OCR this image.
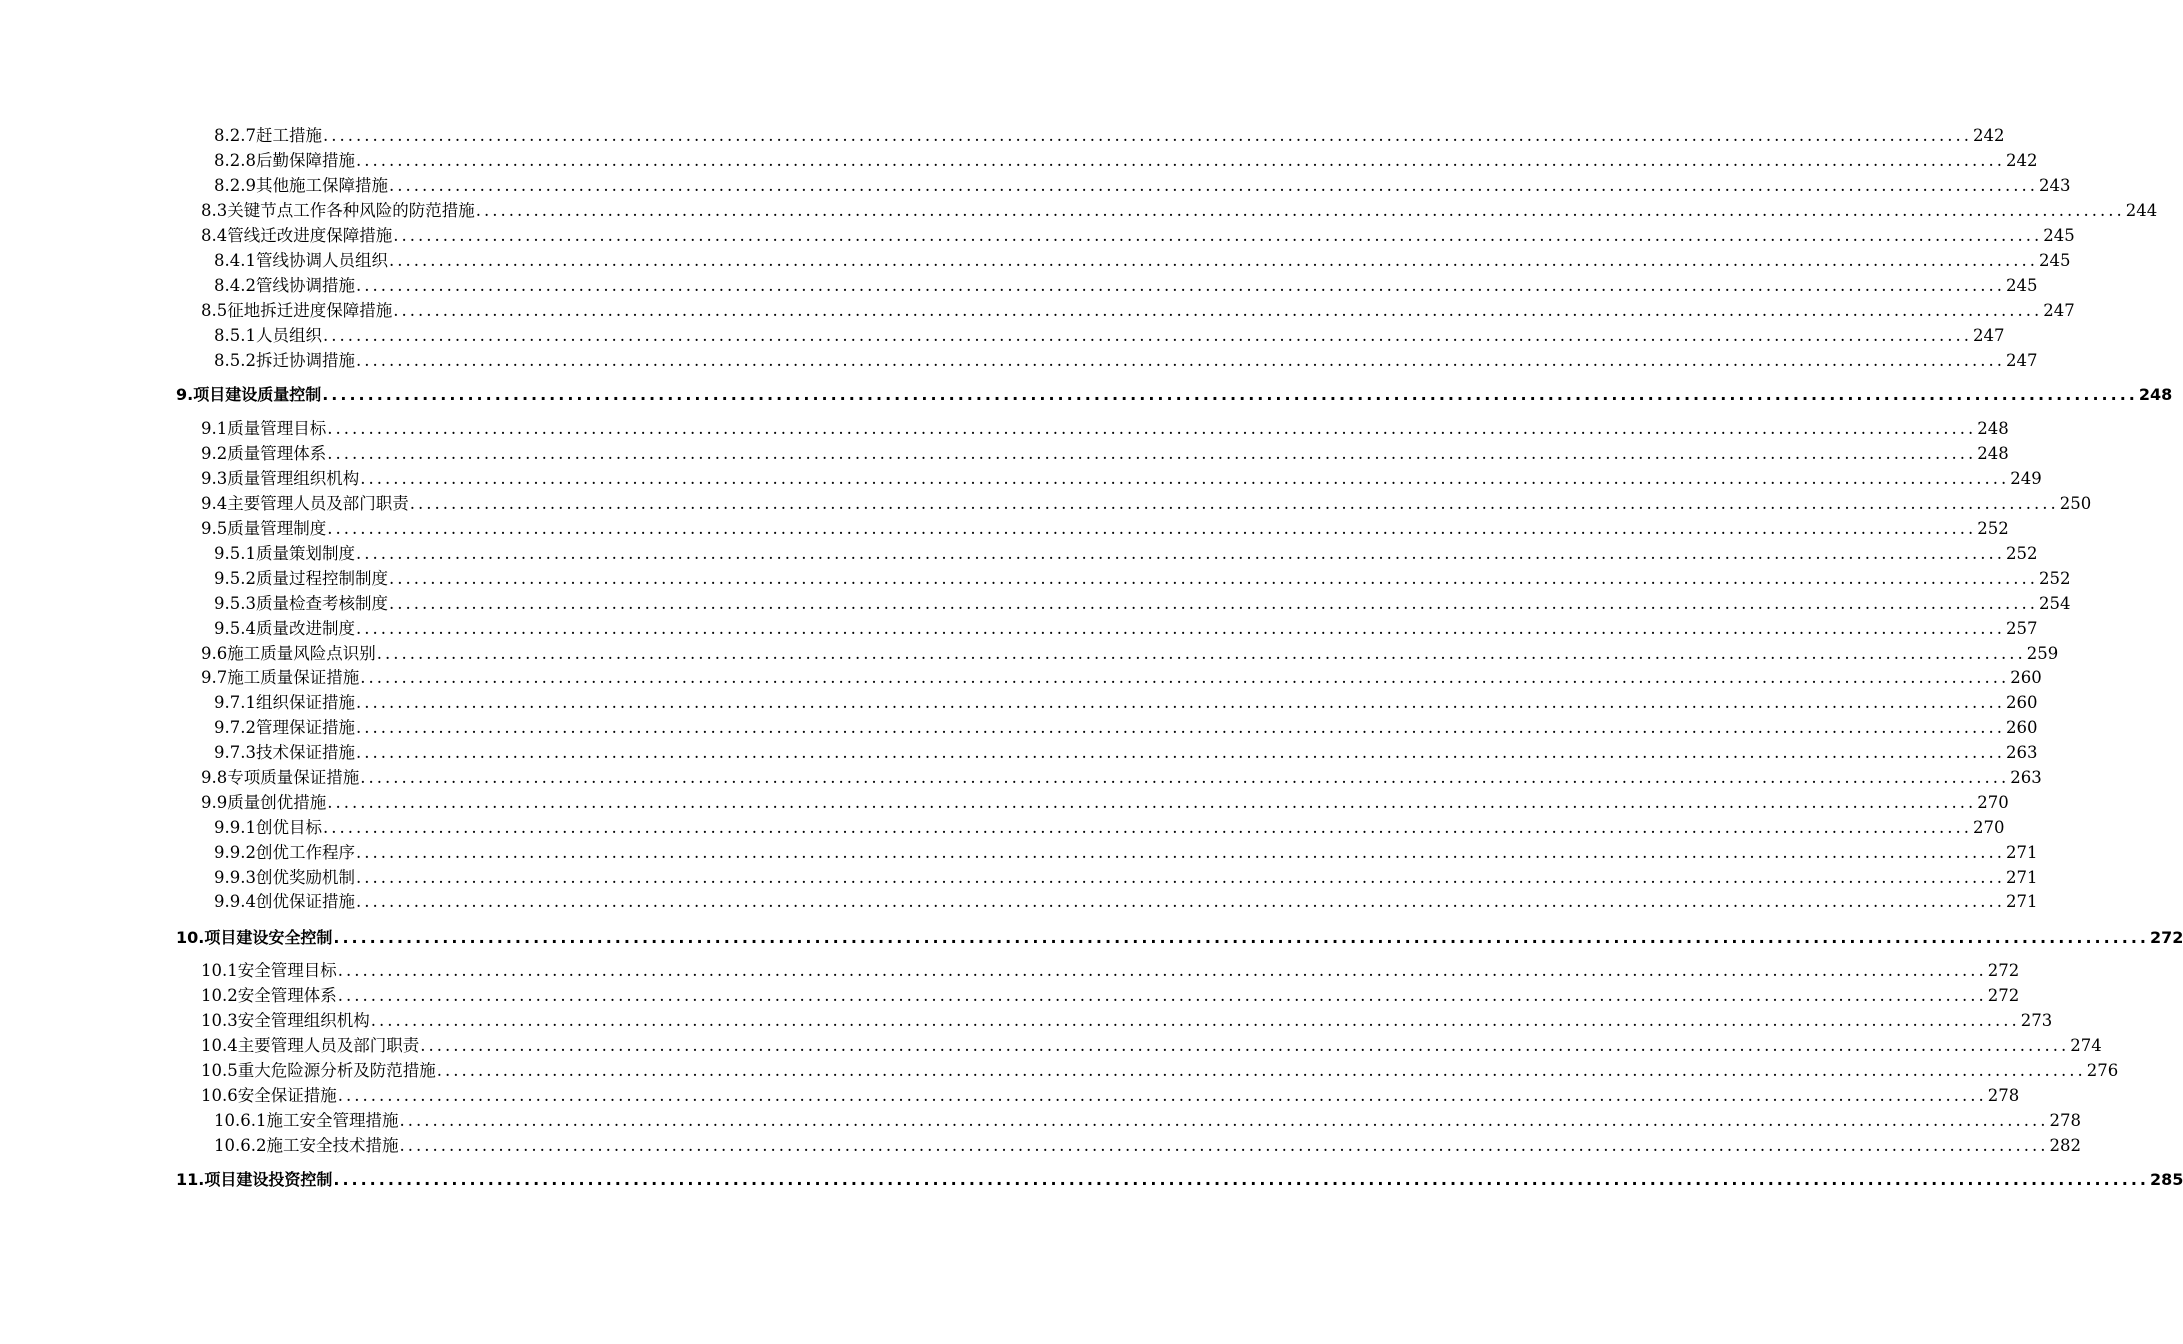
8.2.7赶工措施 ........................................................................................................................................................................................................ 242
8.2.8后勤保障措施 ........................................................................................................................................................................................................ 242
8.2.9其他施工保障措施 ........................................................................................................................................................................................................ 243
8.3关键节点工作各种风险的防范措施 ........................................................................................................................................................................................................ 244
8.4管线迁改进度保障措施 ........................................................................................................................................................................................................ 245
8.4.1管线协调人员组织 ........................................................................................................................................................................................................ 245
8.4.2管线协调措施 ........................................................................................................................................................................................................ 245
8.5征地拆迁进度保障措施 ........................................................................................................................................................................................................ 247
8.5.1人员组织 ........................................................................................................................................................................................................ 247
8.5.2拆迁协调措施 ........................................................................................................................................................................................................ 247
9.项目建设质量控制 ........................................................................................................................................................................................................ 248
9.1质量管理目标 ........................................................................................................................................................................................................ 248
9.2质量管理体系 ........................................................................................................................................................................................................ 248
9.3质量管理组织机构 ........................................................................................................................................................................................................ 249
9.4主要管理人员及部门职责 ........................................................................................................................................................................................................ 250
9.5质量管理制度 ........................................................................................................................................................................................................ 252
9.5.1质量策划制度 ........................................................................................................................................................................................................ 252
9.5.2质量过程控制制度 ........................................................................................................................................................................................................ 252
9.5.3质量检查考核制度 ........................................................................................................................................................................................................ 254
9.5.4质量改进制度 ........................................................................................................................................................................................................ 257
9.6施工质量风险点识别 ........................................................................................................................................................................................................ 259
9.7施工质量保证措施 ........................................................................................................................................................................................................ 260
9.7.1组织保证措施 ........................................................................................................................................................................................................ 260
9.7.2管理保证措施 ........................................................................................................................................................................................................ 260
9.7.3技术保证措施 ........................................................................................................................................................................................................ 263
9.8专项质量保证措施 ........................................................................................................................................................................................................ 263
9.9质量创优措施 ........................................................................................................................................................................................................ 270
9.9.1创优目标 ........................................................................................................................................................................................................ 270
9.9.2创优工作程序 ........................................................................................................................................................................................................ 271
9.9.3创优奖励机制 ........................................................................................................................................................................................................ 271
9.9.4创优保证措施 ........................................................................................................................................................................................................ 271
10.项目建设安全控制 ........................................................................................................................................................................................................ 272
10.1安全管理目标 ........................................................................................................................................................................................................ 272
10.2安全管理体系 ........................................................................................................................................................................................................ 272
10.3安全管理组织机构 ........................................................................................................................................................................................................ 273
10.4主要管理人员及部门职责 ........................................................................................................................................................................................................ 274
10.5重大危险源分析及防范措施 ........................................................................................................................................................................................................ 276
10.6安全保证措施 ........................................................................................................................................................................................................ 278
10.6.1施工安全管理措施 ........................................................................................................................................................................................................ 278
10.6.2施工安全技术措施 ........................................................................................................................................................................................................ 282
11.项目建设投资控制 ........................................................................................................................................................................................................ 285
